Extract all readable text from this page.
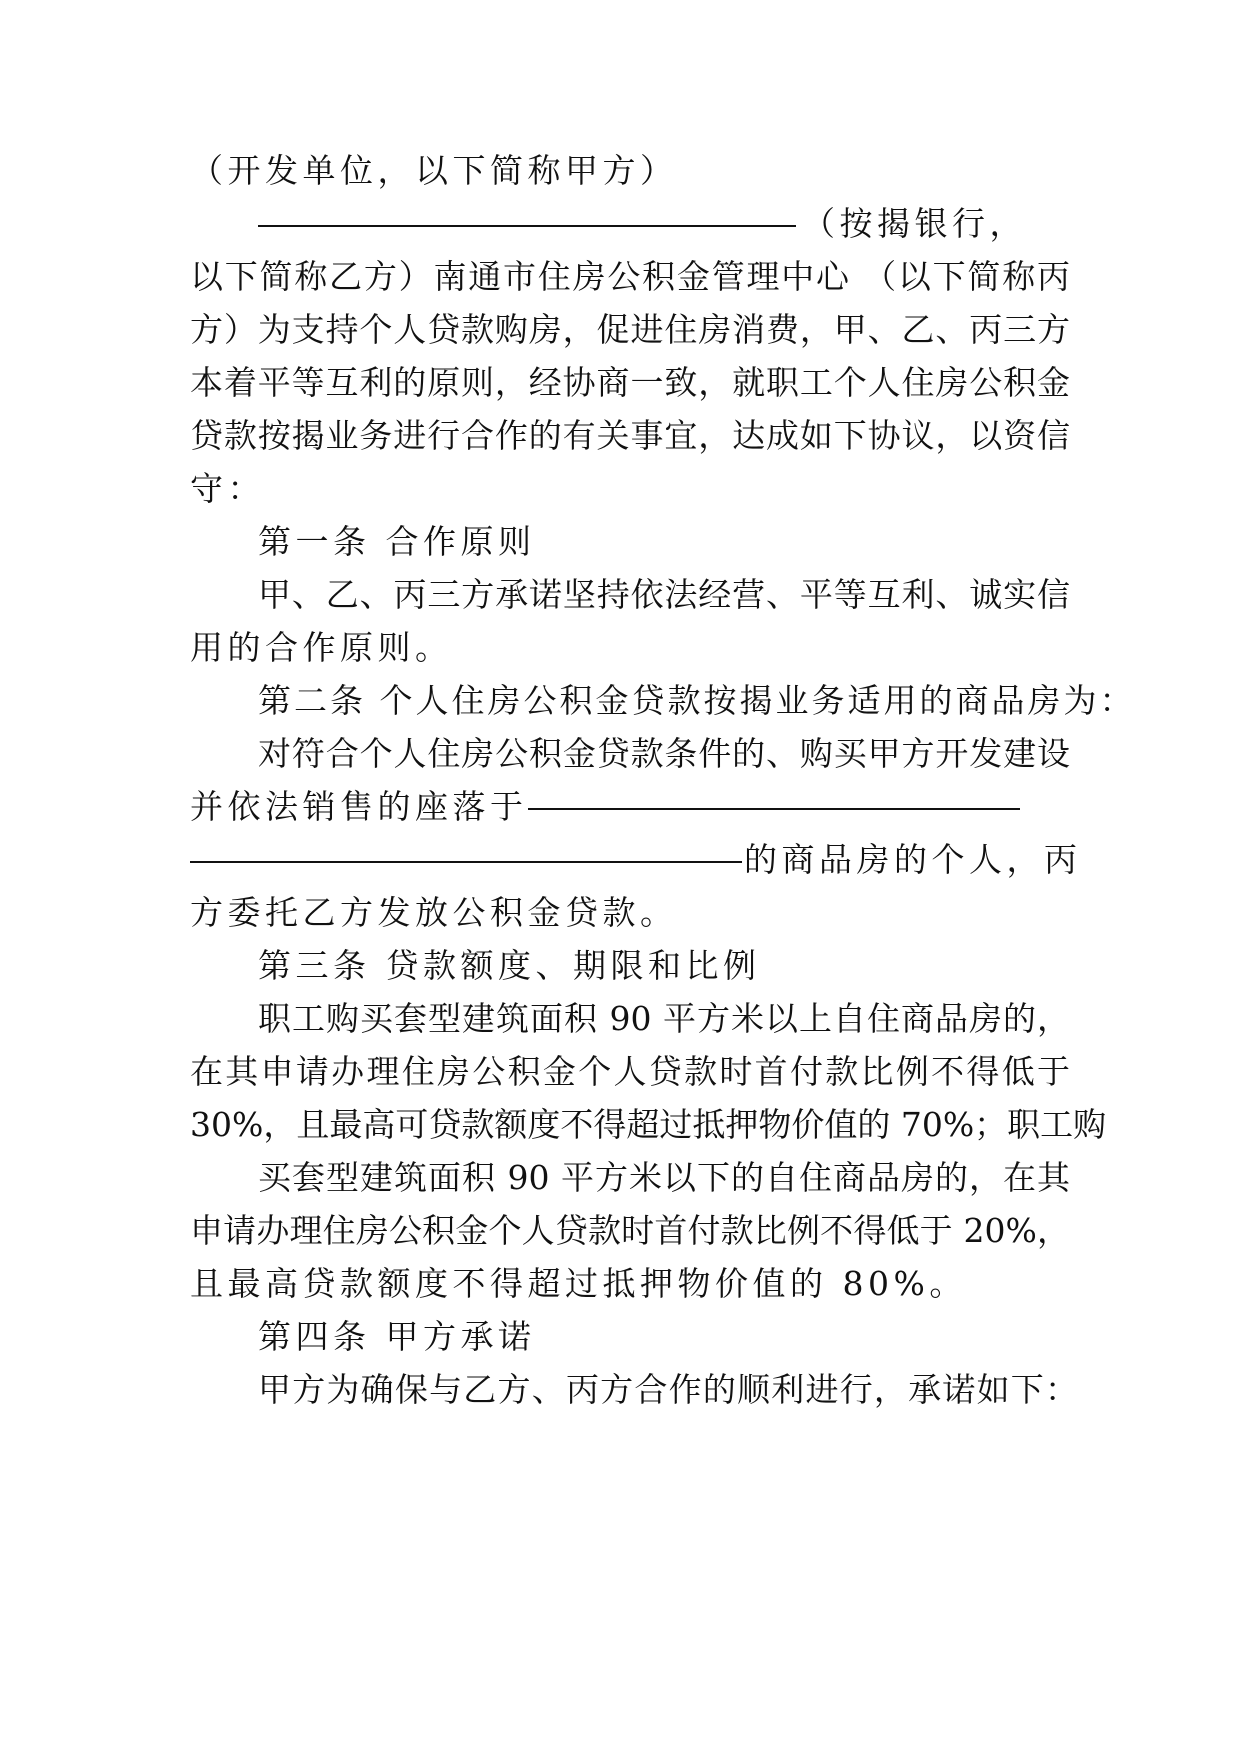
（开发单位，以下简称甲方）
（按揭银行，
以下简称乙方）南通市住房公积金管理中心 （以下简称丙
方）为支持个人贷款购房，促进住房消费，甲、乙、丙三方
本着平等互利的原则，经协商一致，就职工个人住房公积金
贷款按揭业务进行合作的有关事宜，达成如下协议，以资信
守：
第一条 合作原则
甲、乙、丙三方承诺坚持依法经营、平等互利、诚实信
用的合作原则。
第二条 个人住房公积金贷款按揭业务适用的商品房为：
对符合个人住房公积金贷款条件的、购买甲方开发建设
并依法销售的座落于
的商品房的个人，丙
方委托乙方发放公积金贷款。
第三条 贷款额度、期限和比例
职工购买套型建筑面积 90 平方米以上自住商品房的，
在其申请办理住房公积金个人贷款时首付款比例不得低于
30%，且最高可贷款额度不得超过抵押物价值的 70%；职工购
买套型建筑面积 90 平方米以下的自住商品房的，在其
申请办理住房公积金个人贷款时首付款比例不得低于 20%，
且最高贷款额度不得超过抵押物价值的 80%。
第四条 甲方承诺
甲方为确保与乙方、丙方合作的顺利进行，承诺如下：
